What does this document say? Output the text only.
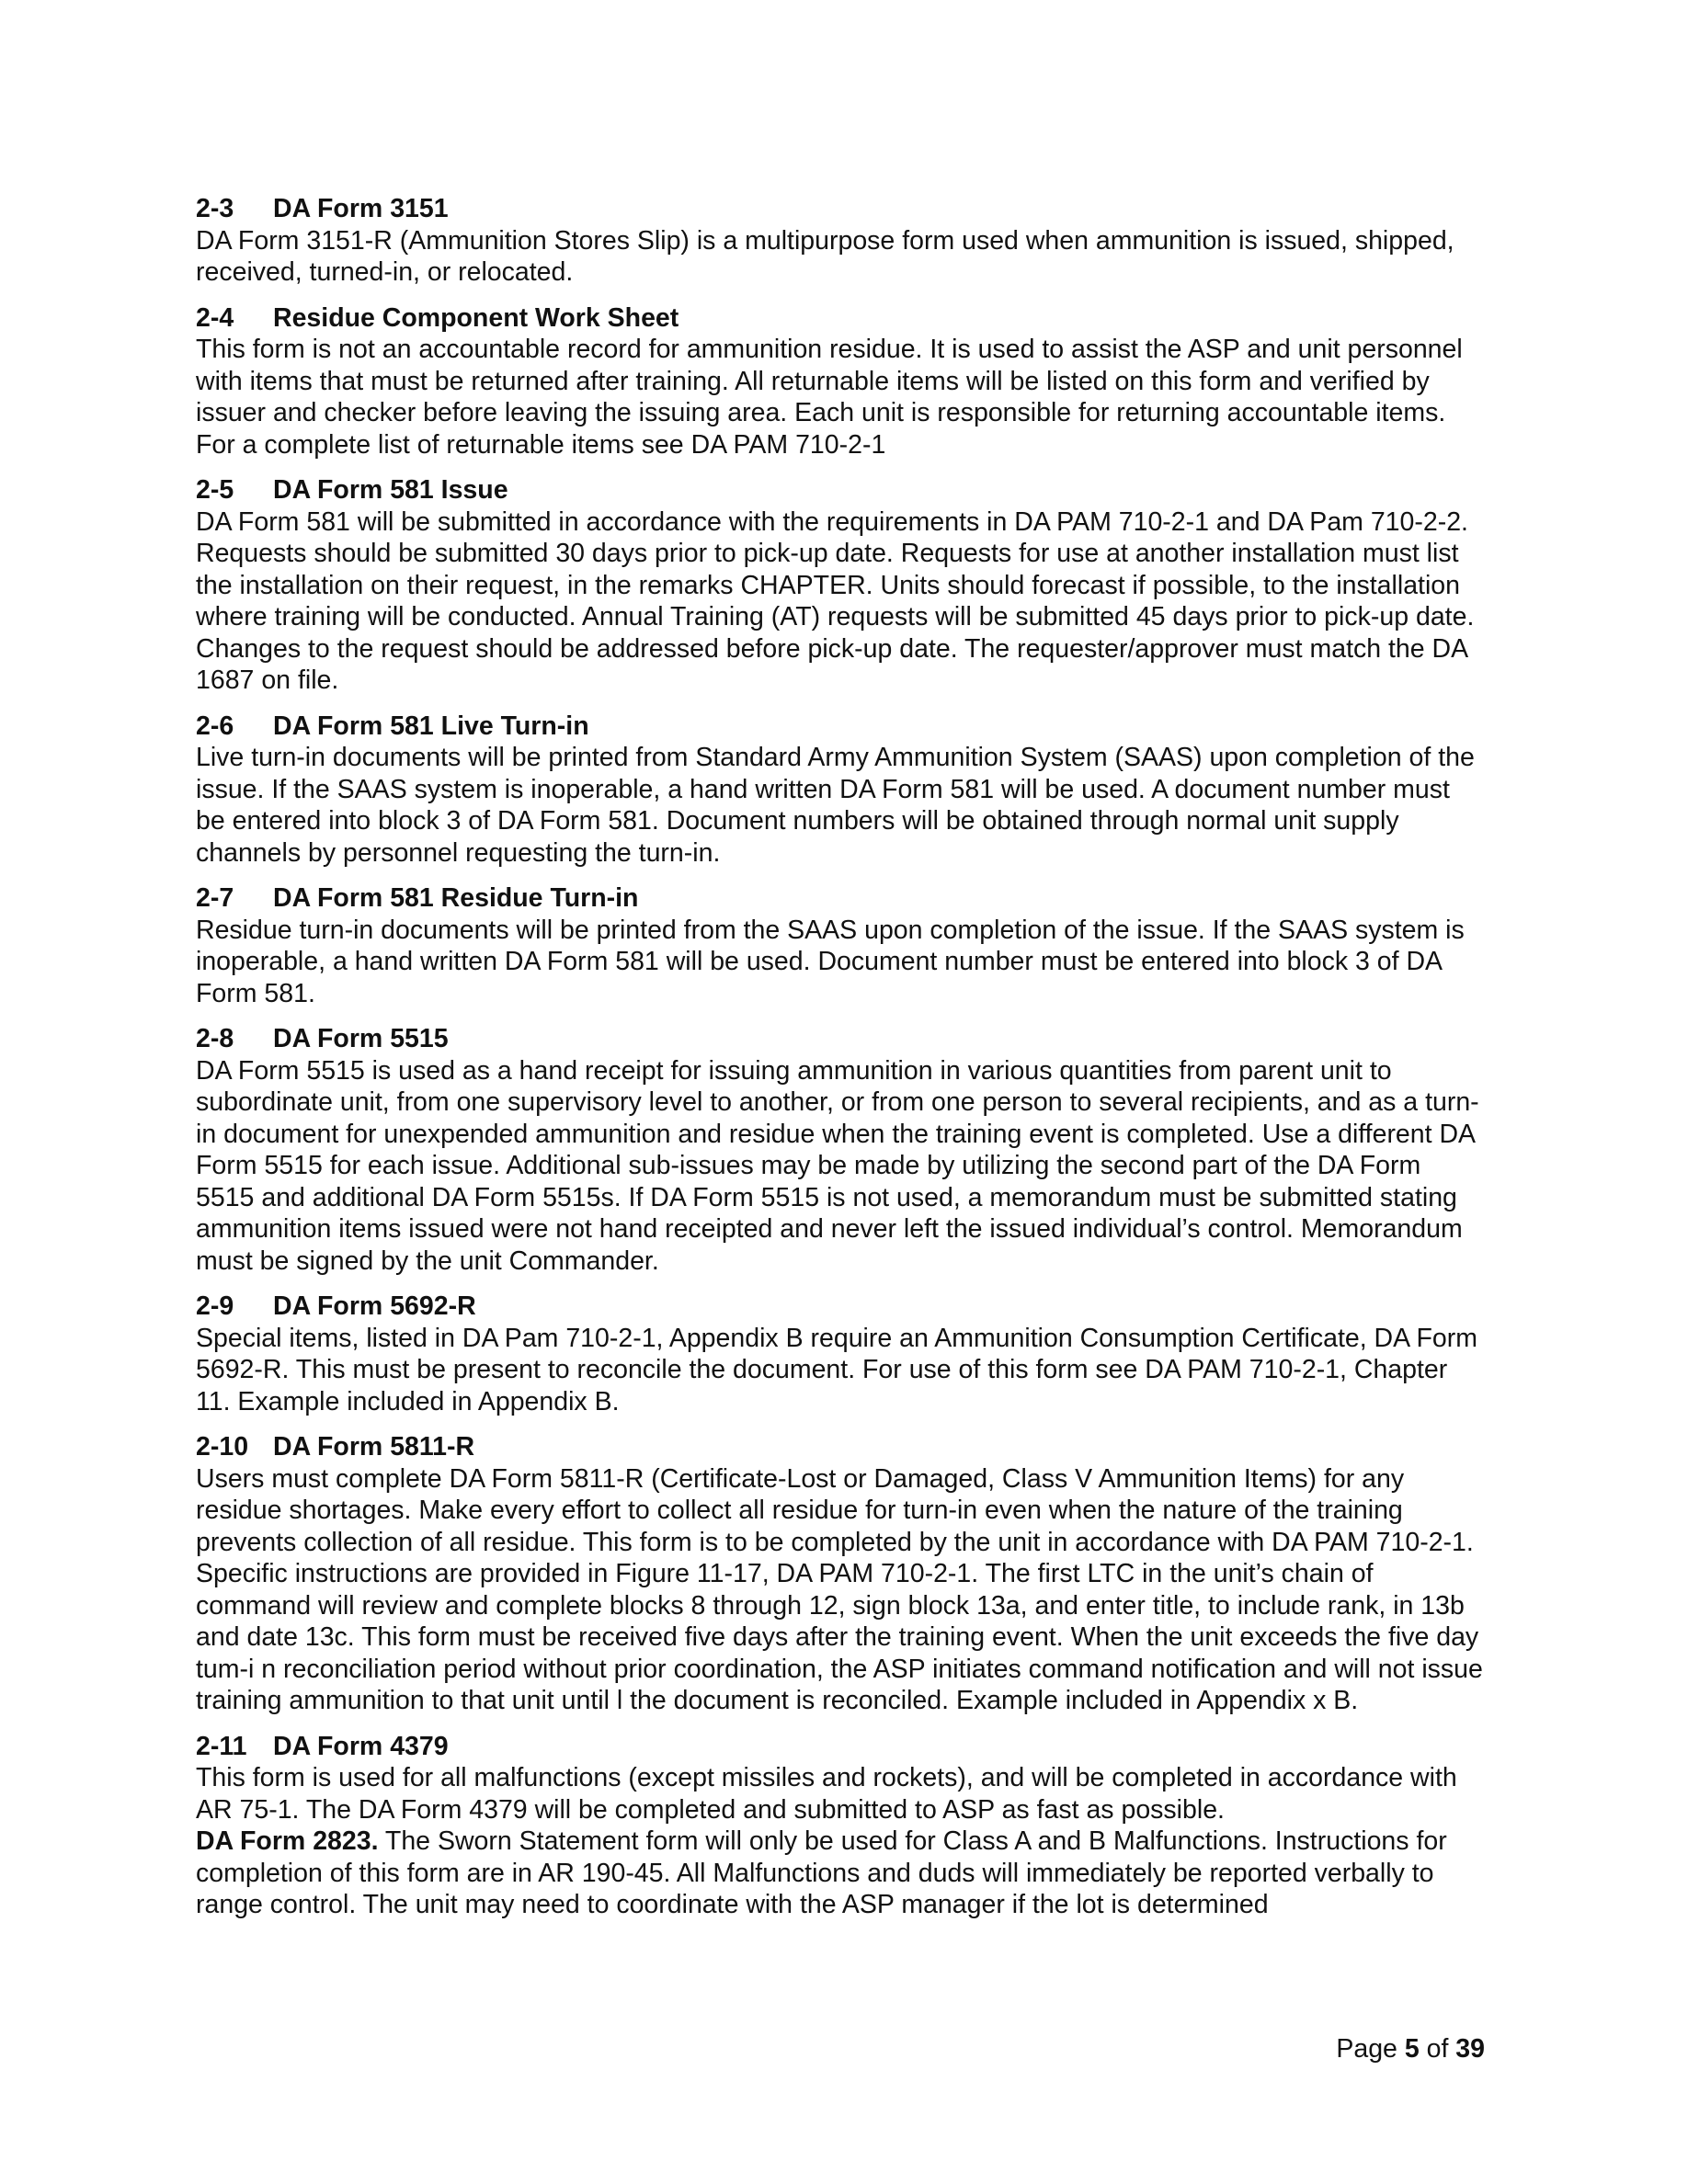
2-3 DA Form 3151

DA Form 3151-R (Ammunition Stores Slip) is a multipurpose form used when ammunition is issued, shipped, received, turned-in, or relocated.

2-4 Residue Component Work Sheet

This form is not an accountable record for ammunition residue. It is used to assist the ASP and unit personnel with items that must be returned after training. All returnable items will be listed on this form and verified by issuer and checker before leaving the issuing area. Each unit is responsible for returning accountable items. For a complete list of returnable items see DA PAM 710-2-1

2-5 DA Form 581 Issue

DA Form 581 will be submitted in accordance with the requirements in DA PAM 710-2-1 and DA Pam 710-2-2. Requests should be submitted 30 days prior to pick-up date. Requests for use at another installation must list the installation on their request, in the remarks CHAPTER. Units should forecast if possible, to the installation where training will be conducted. Annual Training (AT) requests will be submitted 45 days prior to pick-up date. Changes to the request should be addressed before pick-up date. The requester/approver must match the DA 1687 on file.

2-6 DA Form 581 Live Turn-in

Live turn-in documents will be printed from Standard Army Ammunition System (SAAS) upon completion of the issue. If the SAAS system is inoperable, a hand written DA Form 581 will be used. A document number must be entered into block 3 of DA Form 581. Document numbers will be obtained through normal unit supply channels by personnel requesting the turn-in.

2-7 DA Form 581 Residue Turn-in

Residue turn-in documents will be printed from the SAAS upon completion of the issue. If the SAAS system is inoperable, a hand written DA Form 581 will be used. Document number must be entered into block 3 of DA Form 581.

2-8 DA Form 5515

DA Form 5515 is used as a hand receipt for issuing ammunition in various quantities from parent unit to subordinate unit, from one supervisory level to another, or from one person to several recipients, and as a turn-in document for unexpended ammunition and residue when the training event is completed. Use a different DA Form 5515 for each issue. Additional sub-issues may be made by utilizing the second part of the DA Form 5515 and additional DA Form 5515s. If DA Form 5515 is not used, a memorandum must be submitted stating ammunition items issued were not hand receipted and never left the issued individual’s control. Memorandum must be signed by the unit Commander.

2-9 DA Form 5692-R

Special items, listed in DA Pam 710-2-1, Appendix B require an Ammunition Consumption Certificate, DA Form 5692-R. This must be present to reconcile the document. For use of this form see DA PAM 710-2-1, Chapter 11. Example included in Appendix B.

2-10 DA Form 5811-R

Users must complete DA Form 5811-R (Certificate-Lost or Damaged, Class V Ammunition Items) for any residue shortages. Make every effort to collect all residue for turn-in even when the nature of the training prevents collection of all residue. This form is to be completed by the unit in accordance with DA PAM 710-2-1. Specific instructions are provided in Figure 11-17, DA PAM 710-2-1. The first LTC in the unit’s chain of command will review and complete blocks 8 through 12, sign block 13a, and enter title, to include rank, in 13b and date 13c. This form must be received five days after the training event. When the unit exceeds the five day tum-i n reconciliation period without prior coordination, the ASP initiates command notification and will not issue training ammunition to that unit until l the document is reconciled. Example included in Appendix x B.

2-11 DA Form 4379

This form is used for all malfunctions (except missiles and rockets), and will be completed in accordance with AR 75-1. The DA Form 4379 will be completed and submitted to ASP as fast as possible.

DA Form 2823. The Sworn Statement form will only be used for Class A and B Malfunctions. Instructions for completion of this form are in AR 190-45. All Malfunctions and duds will immediately be reported verbally to range control. The unit may need to coordinate with the ASP manager if the lot is determined

Page 5 of 39
